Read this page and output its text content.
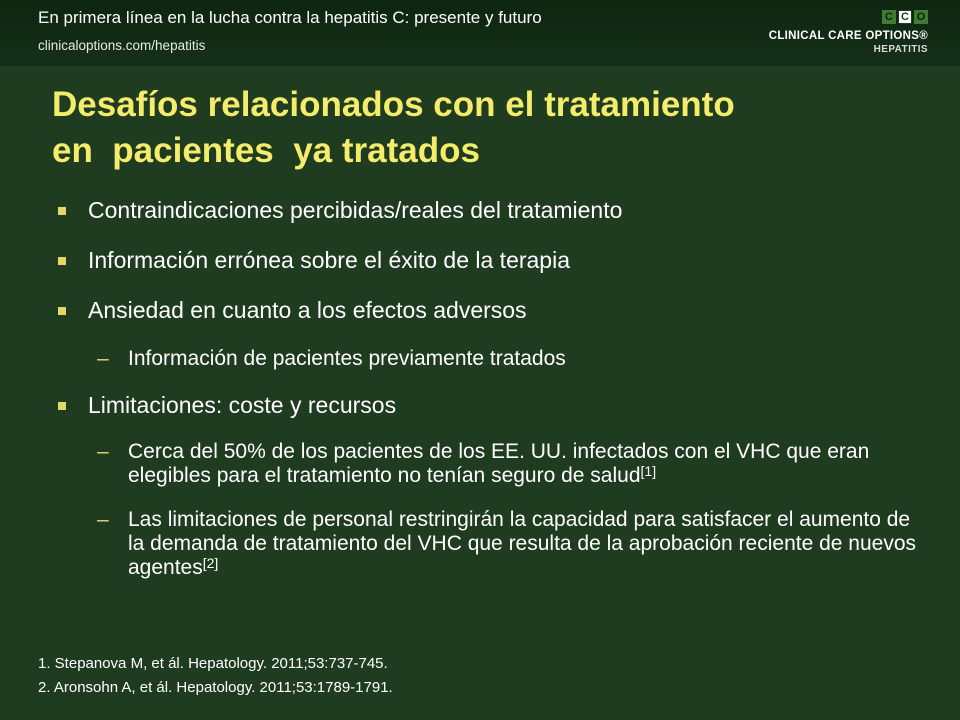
En primera línea en la lucha contra la hepatitis C: presente y futuro
clinicaloptions.com/hepatitis
C C O
CLINICAL CARE OPTIONS®
HEPATITIS
Desafíos relacionados con el tratamiento
en  pacientes  ya tratados
Contraindicaciones percibidas/reales del tratamiento
Información errónea sobre el éxito de la terapia
Ansiedad en cuanto a los efectos adversos
– Información de pacientes previamente tratados
Limitaciones: coste y recursos
– Cerca del 50% de los pacientes de los EE. UU. infectados con el VHC que eran elegibles para el tratamiento no tenían seguro de salud[1]
– Las limitaciones de personal restringirán la capacidad para satisfacer el aumento de la demanda de tratamiento del VHC que resulta de la aprobación reciente de nuevos agentes[2]
1. Stepanova M, et ál. Hepatology. 2011;53:737-745.
2. Aronsohn A, et ál. Hepatology. 2011;53:1789-1791.
